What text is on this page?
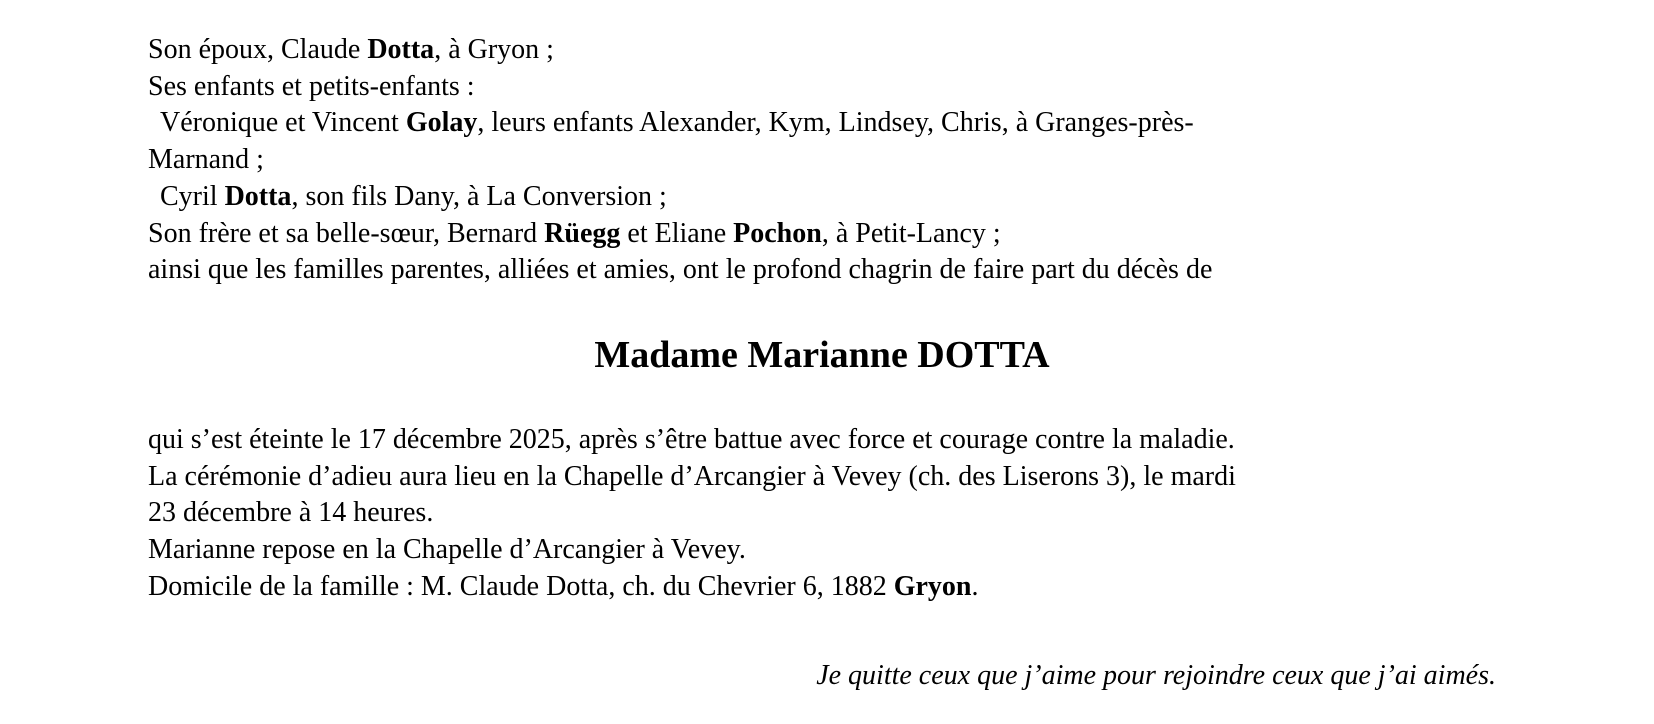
Son époux, Claude Dotta, à Gryon ;
Ses enfants et petits-enfants :
Véronique et Vincent Golay, leurs enfants Alexander, Kym, Lindsey, Chris, à Granges-près-
Marnand ;
Cyril Dotta, son fils Dany, à La Conversion ;
Son frère et sa belle-sœur, Bernard Rüegg et Eliane Pochon, à Petit-Lancy ;
ainsi que les familles parentes, alliées et amies, ont le profond chagrin de faire part du décès de
Madame Marianne DOTTA
qui s’est éteinte le 17 décembre 2025, après s’être battue avec force et courage contre la maladie.
La cérémonie d’adieu aura lieu en la Chapelle d’Arcangier à Vevey (ch. des Liserons 3), le mardi
23 décembre à 14 heures.
Marianne repose en la Chapelle d’Arcangier à Vevey.
Domicile de la famille : M. Claude Dotta, ch. du Chevrier 6, 1882 Gryon.
Je quitte ceux que j’aime pour rejoindre ceux que j’ai aimés.
